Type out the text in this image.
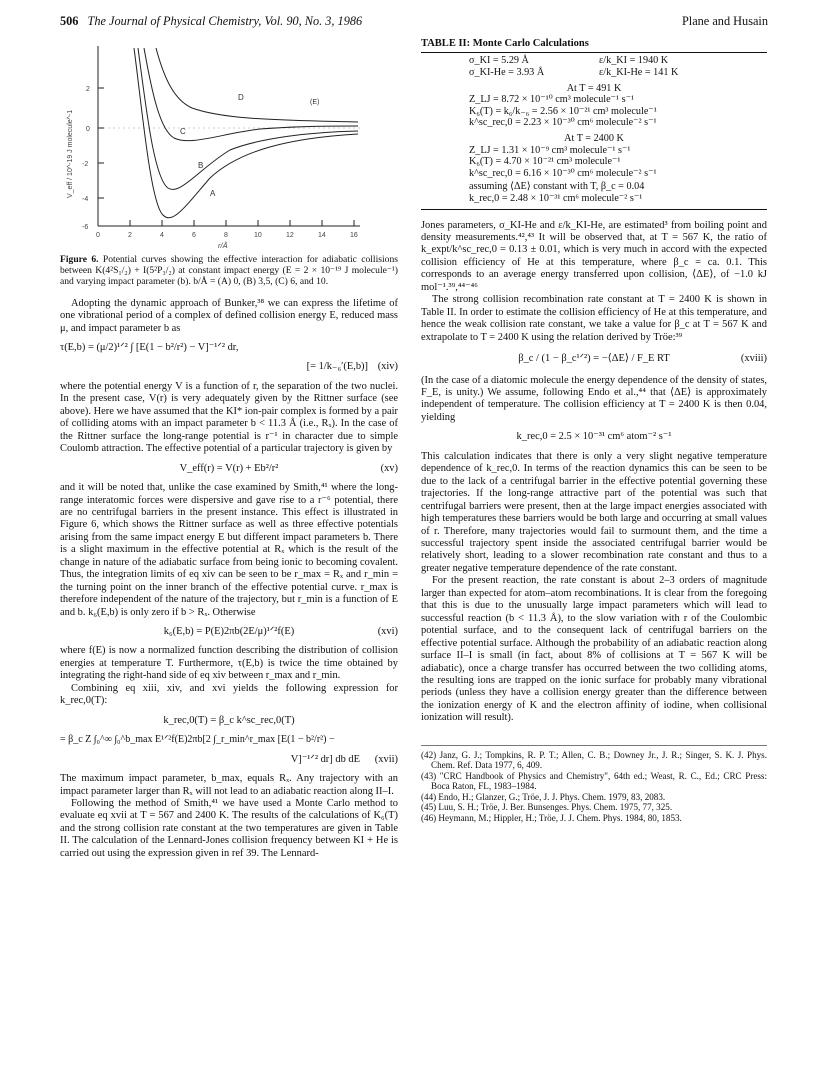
506 The Journal of Physical Chemistry, Vol. 90, No. 3, 1986	Plane and Husain
2
0
-2
-4
-6
0	2	4	6	8	10	12	14	16
A
B
C
D
(E)
V_eff / 10^-19 J molecule^-1
r/Å
Figure 6. Potential curves showing the effective interaction for adiabatic collisions between K(4²S₁/₂) + I(5²P₃/₂) at constant impact energy (E = 2 × 10⁻¹⁹ J molecule⁻¹) and varying impact parameter (b). b/Å = (A) 0, (B) 3,5, (C) 6, and 10.

Adopting the dynamic approach of Bunker,³⁸ we can express the lifetime of one vibrational period of a complex of defined collision energy E, reduced mass μ, and impact parameter b as

τ(E,b) = (μ/2)¹ᐟ² ∫ [E(1 − b²/r²) − V]⁻¹ᐟ² dr,
[= 1/k₋₆′(E,b)] (xiv)

where the potential energy V is a function of r, the separation of the two nuclei. In the present case, V(r) is very adequately given by the Rittner surface (see above). Here we have assumed that the KI* ion-pair complex is formed by a pair of colliding atoms with an impact parameter b < 11.3 Å (i.e., Rₓ). In the case of the Rittner surface the long-range potential is r⁻¹ in character due to simple Coulomb attraction. The effective potential of a particular trajectory is given by

V_eff(r) = V(r) + Eb²/r²	(xv)

and it will be noted that, unlike the case examined by Smith,⁴¹ where the long-range interatomic forces were dispersive and gave rise to a r⁻⁶ potential, there are no centrifugal barriers in the present instance. This effect is illustrated in Figure 6, which shows the Rittner surface as well as three effective potentials arising from the same impact energy E but different impact parameters b. There is a slight maximum in the effective potential at Rₓ which is the result of the change in nature of the adiabatic surface from being ionic to becoming covalent. Thus, the integration limits of eq xiv can be seen to be r_max = Rₓ and r_min = the turning point on the inner branch of the effective potential curve. r_max is therefore independent of the nature of the trajectory, but r_min is a function of E and b. k₆(E,b) is only zero if b > Rₓ. Otherwise

k₆(E,b) = P(E)2πb(2E/μ)¹ᐟ²f(E)	(xvi)

where f(E) is now a normalized function describing the distribution of collision energies at temperature T. Furthermore, τ(E,b) is twice the time obtained by integrating the right-hand side of eq xiv between r_max and r_min.

Combining eq xiii, xiv, and xvi yields the following expression for k_rec,0(T):

k_rec,0(T) = β_c k^sc_rec,0(T)
= β_c Z ∫₀^∞ ∫₀^b_max E¹ᐟ²f(E)2πb[2 ∫_r_min^r_max [E(1 − b²/r²) −
V]⁻¹ᐟ² dr] db dE (xvii)

The maximum impact parameter, b_max, equals Rₓ. Any trajectory with an impact parameter larger than Rₓ will not lead to an adiabatic reaction along II–I.

Following the method of Smith,⁴¹ we have used a Monte Carlo method to evaluate eq xvii at T = 567 and 2400 K. The results of the calculations of K₆(T) and the strong collision rate constant at the two temperatures are given in Table II. The calculation of the Lennard-Jones collision frequency between KI + He is carried out using the expression given in ref 39. The Lennard-

TABLE II: Monte Carlo Calculations
σ_KI = 5.29 Å	ε/k_KI = 1940 K
σ_KI-He = 3.93 Å	ε/k_KI-He = 141 K
At T = 491 K
Z_LJ = 8.72 × 10⁻¹⁰ cm³ molecule⁻¹ s⁻¹
K₆(T) = k₆/k₋₆ = 2.56 × 10⁻²¹ cm³ molecule⁻¹
k^sc_rec,0 = 2.23 × 10⁻³⁰ cm⁶ molecule⁻² s⁻¹
At T = 2400 K
Z_LJ = 1.31 × 10⁻⁹ cm³ molecule⁻¹ s⁻¹
K₆(T) = 4.70 × 10⁻²¹ cm³ molecule⁻¹
k^sc_rec,0 = 6.16 × 10⁻³⁰ cm⁶ molecule⁻² s⁻¹
assuming ⟨ΔE⟩ constant with T, β_c = 0.04
k_rec,0 = 2.48 × 10⁻³¹ cm⁶ molecule⁻² s⁻¹

Jones parameters, σ_KI-He and ε/k_KI-He, are estimated³ from boiling point and density measurements.⁴²,⁴³ It will be observed that, at T = 567 K, the ratio of k_expt/k^sc_rec,0 = 0.13 ± 0.01, which is very much in accord with the expected collision efficiency of He at this temperature, where β_c = ca. 0.1. This corresponds to an average energy transferred upon collision, ⟨ΔE⟩, of −1.0 kJ mol⁻¹.³⁹,⁴⁴⁻⁴⁶

The strong collision recombination rate constant at T = 2400 K is shown in Table II. In order to estimate the collision efficiency of He at this temperature, and hence the weak collision rate constant, we take a value for β_c at T = 567 K and extrapolate to T = 2400 K using the relation derived by Tröe:³⁹

β_c / (1 − β_c¹ᐟ²) = −⟨ΔE⟩ / F_E RT	(xviii)

(In the case of a diatomic molecule the energy dependence of the density of states, F_E, is unity.) We assume, following Endo et al.,⁴⁴ that ⟨ΔE⟩ is approximately independent of temperature. The collision efficiency at T = 2400 K is then 0.04, yielding

k_rec,0 = 2.5 × 10⁻³¹ cm⁶ atom⁻² s⁻¹

This calculation indicates that there is only a very slight negative temperature dependence of k_rec,0. In terms of the reaction dynamics this can be seen to be due to the lack of a centrifugal barrier in the effective potential governing these trajectories. If the long-range attractive part of the potential was such that centrifugal barriers were present, then at the large impact energies associated with high temperatures these barriers would be both large and occurring at small values of r. Therefore, many trajectories would fail to surmount them, and the time a successful trajectory spent inside the associated centrifugal barrier would be relatively short, leading to a slower recombination rate constant and thus to a greater negative temperature dependence of the rate constant.

For the present reaction, the rate constant is about 2–3 orders of magnitude larger than expected for atom–atom recombinations. It is clear from the foregoing that this is due to the unusually large impact parameters which will lead to successful reaction (b < 11.3 Å), to the slow variation with r of the Coulombic potential surface, and to the consequent lack of centrifugal barriers on the effective potential surface. Although the probability of an adiabatic reaction along surface II–I is small (in fact, about 8% of collisions at T = 567 K will be adiabatic), once a charge transfer has occurred between the two colliding atoms, the resulting ions are trapped on the ionic surface for probably many vibrational periods (unless they have a collision energy greater than the difference between the ionization energy of K and the electron affinity of iodine, when collisional ionization will result).

(42) Janz, G. J.; Tompkins, R. P. T.; Allen, C. B.; Downey Jr., J. R.; Singer, S. K. J. Phys. Chem. Ref. Data 1977, 6, 409.
(43) "CRC Handbook of Physics and Chemistry", 64th ed.; Weast, R. C., Ed.; CRC Press: Boca Raton, FL, 1983–1984.
(44) Endo, H.; Glanzer, G.; Tröe, J. J. Phys. Chem. 1979, 83, 2083.
(45) Luu, S. H.; Tröe, J. Ber. Bunsenges. Phys. Chem. 1975, 77, 325.
(46) Heymann, M.; Hippler, H.; Tröe, J. J. Chem. Phys. 1984, 80, 1853.
